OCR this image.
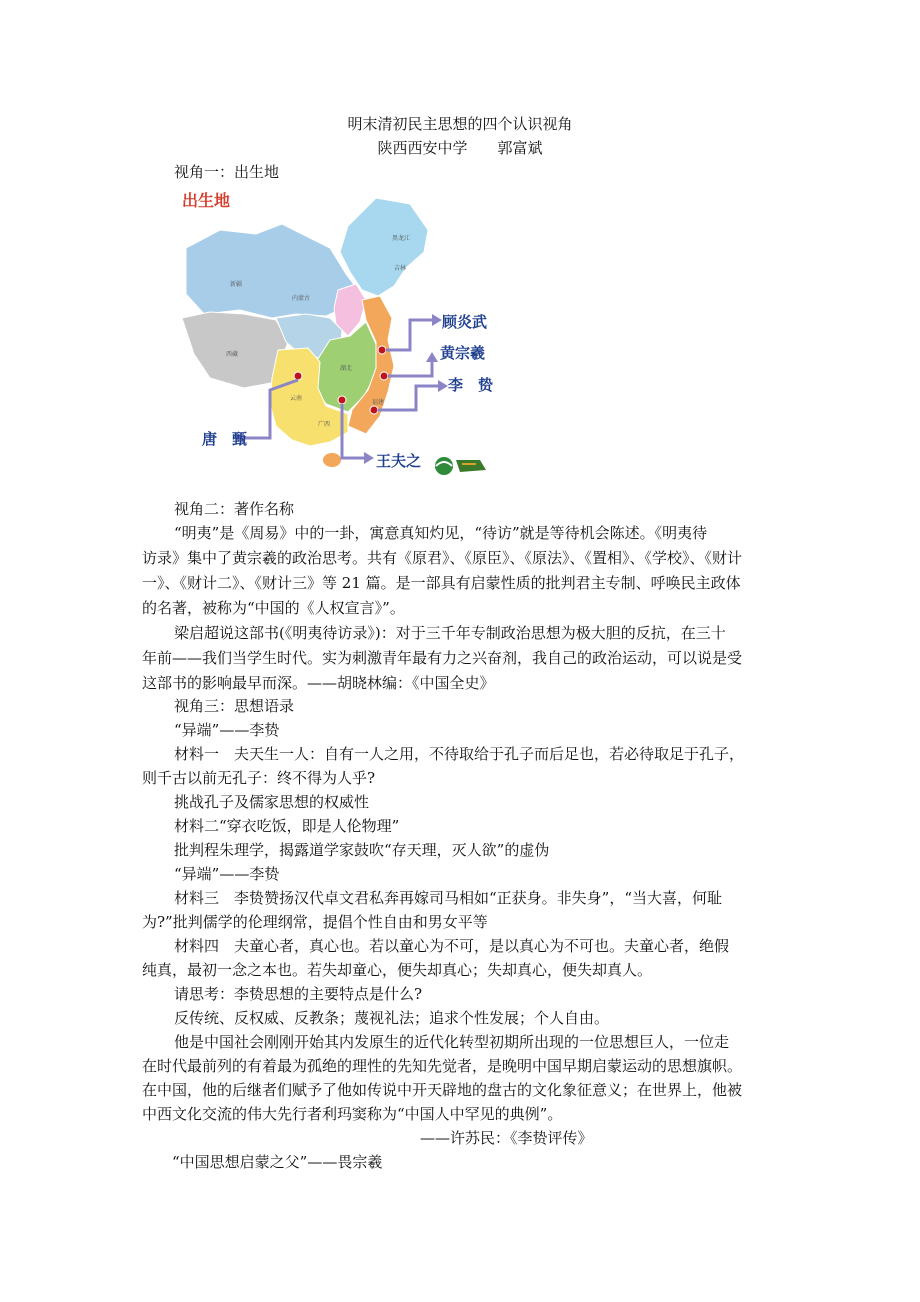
明末清初民主思想的四个认识视角
陕西西安中学　　郭富斌
视角一：出生地
出生地
黑龙江
吉林
新疆
西藏
内蒙古
湖北
云南
广西
福建
顾炎武
黄宗羲
李　贽
唐　甄
王夫之
视角二：著作名称
“明夷”是《周易》中的一卦，寓意真知灼见，“待访”就是等待机会陈述。《明夷待
访录》集中了黄宗羲的政治思考。共有《原君》、《原臣》、《原法》、《置相》、《学校》、《财计
一》、《财计二》、《财计三》等 21 篇。是一部具有启蒙性质的批判君主专制、呼唤民主政体
的名著，被称为“中国的《人权宣言》”。
梁启超说这部书(《明夷待访录》)：对于三千年专制政治思想为极大胆的反抗，在三十
年前——我们当学生时代。实为刺激青年最有力之兴奋剂，我自己的政治运动，可以说是受
这部书的影响最早而深。——胡晓林编：《中国全史》
视角三：思想语录
“异端”——李贽
材料一　夫天生一人：自有一人之用，不待取给于孔子而后足也，若必待取足于孔子，
则千古以前无孔子：终不得为人乎?
挑战孔子及儒家思想的权威性
材料二“穿衣吃饭，即是人伦物理”
批判程朱理学，揭露道学家鼓吹“存天理，灭人欲”的虚伪
“异端”——李贽
材料三　李贽赞扬汉代卓文君私奔再嫁司马相如“正获身。非失身”，“当大喜，何耻
为?”批判儒学的伦理纲常，提倡个性自由和男女平等
材料四　夫童心者，真心也。若以童心为不可，是以真心为不可也。夫童心者，绝假
纯真，最初一念之本也。若失却童心，便失却真心；失却真心，便失却真人。
请思考：李贽思想的主要特点是什么?
反传统、反权威、反教条；蔑视礼法；追求个性发展；个人自由。
他是中国社会刚刚开始其内发原生的近代化转型初期所出现的一位思想巨人，一位走
在时代最前列的有着最为孤绝的理性的先知先觉者，是晚明中国早期启蒙运动的思想旗帜。
在中国，他的后继者们赋予了他如传说中开天辟地的盘古的文化象征意义；在世界上，他被
中西文化交流的伟大先行者利玛窦称为“中国人中罕见的典例”。
——许苏民：《李贽评传》
“中国思想启蒙之父”——畏宗羲
